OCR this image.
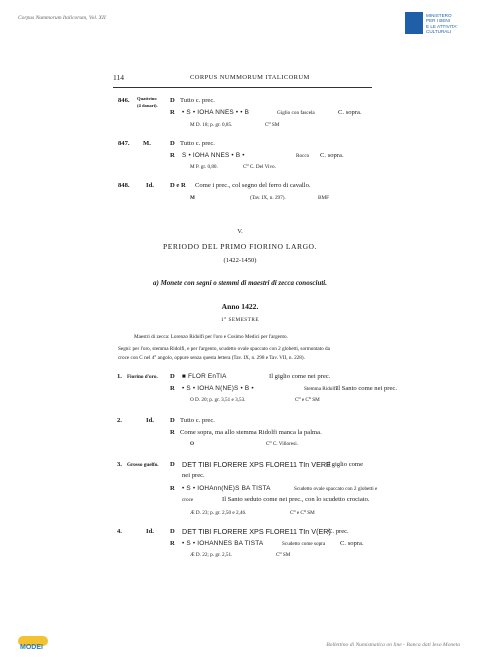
Corpus Nummorum Italicorum, Vol. XII	MINISTERO
PER I BENI
E LE ATTIVITA'
CULTURALI
114	CORPUS NUMMORUM ITALICORUM
846. Quattrino
(4 danari).
D Tutto c. prec.
R • S • IOHA NNES • • B	Giglio con fascela	C. sopra.
M D. 18; p. gr. 0,85.	C⁰ SM
847. M.	D Tutto c. prec.
R S • IOHA NNES • B •	Rocco C. sopra.
M P. gr. 0,80.	C⁰ C. Del Vivo.
848. Id. D e R Come i prec., col segno del ferro di cavallo.
M	(Tav. IX, n. 297).	BMF
V.
PERIODO DEL PRIMO FIORINO LARGO.
(1422-1450)
a) Monete con segni o stemmi di maestri di zecca conosciuti.
Anno 1422.
1° SEMESTRE
Maestri di zecca: Lorenzo Ridolfi per l'oro e Cosimo Medici per l'argento.
Segni: per l'oro, stemma Ridolfi, e per l'argento, scudetto ovale spaccato con 2 globetti, sormontato da
croce con C nel 4° angolo, oppure senza questa lettera (Tav. IX, n. 298 e Tav. VII, n. 228).
1. Fiorino d'oro. D ■ FLOR EnTIA	Il giglio come nei prec.
R • S • IOHA N(NE)S • B •	Stemma Ridolfi Il Santo come nei prec.
O D. 20; p. gr. 3,51 e 3,53.	C⁰ e C⁰ SM
2.	Id. D Tutto c. prec.
R Come sopra, ma allo stemma Ridolfi manca la palma.
O	C⁰ C. Villoresi.
3. Grosso guelfo. D DET TIBI FLORERE XPS FLORE11 TIn VERE
Il giglio come
nei prec.
R • S • IOHAnn(NE)S BA TISTA	Scudetto ovale spaccato con 2 globetti e
croce	Il Santo seduto come nei prec., con lo scudetto crociato.
Æ D. 23; p. gr. 2,50 e 2,46.	C⁰ e C⁰ SM
4.	Id. D DET TIBI FLORERE XPS FLORE11 TIn V(ER)
C. prec.
R • S • IOHANNES BA TISTA	Scudetto come sopra C. sopra.
Æ D. 22; p. gr. 2,51.	C⁰ SM
MODEI	Bollettino di Numismatica on line - Banca dati Ieso Moneta
